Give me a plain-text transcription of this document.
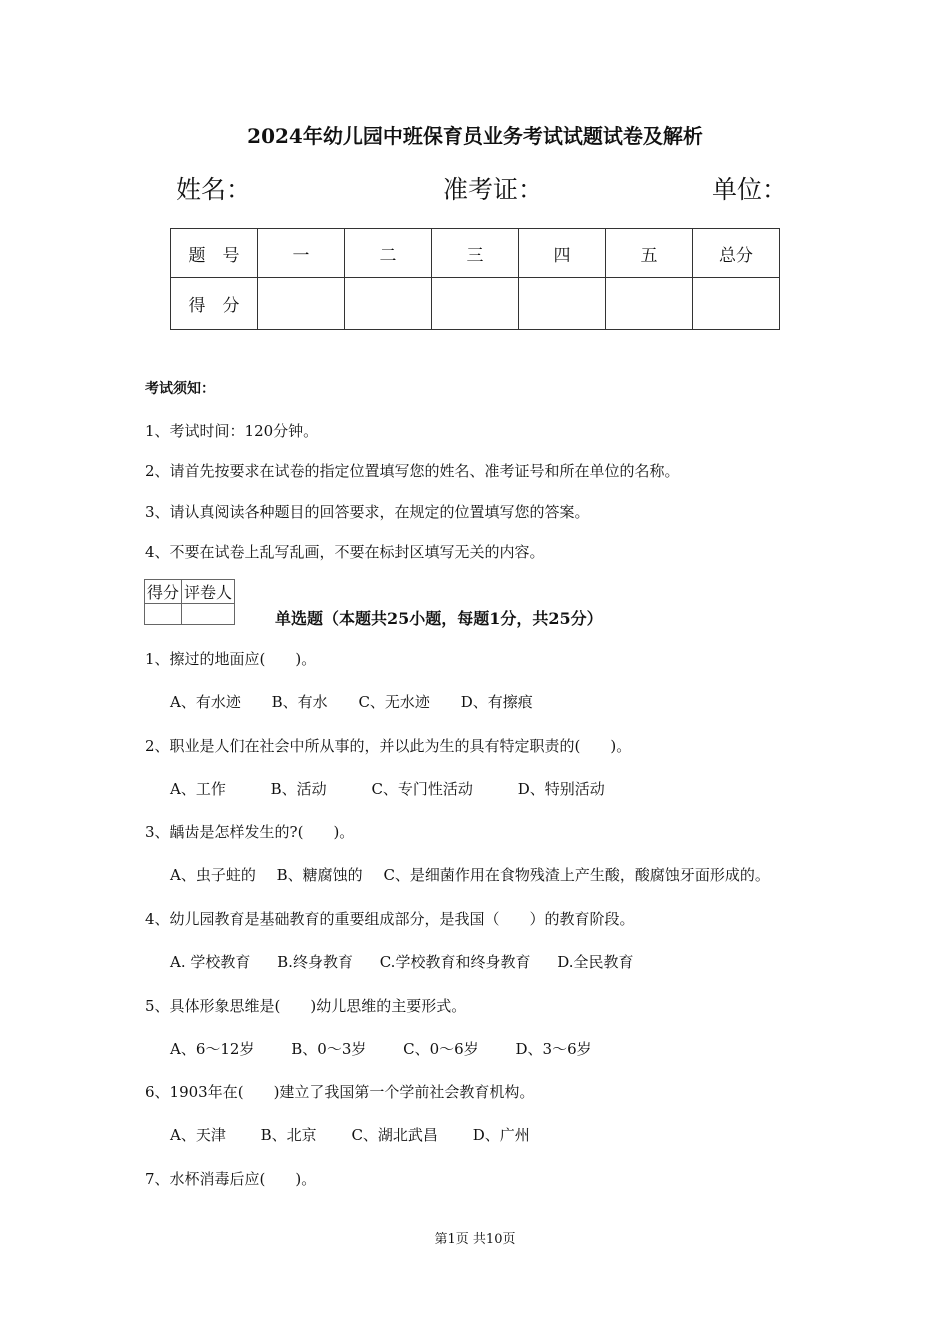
2024年幼儿园中班保育员业务考试试题试卷及解析
姓名：	准考证：	单位：
题　号	一	二	三	四	五	总分
得　分						
考试须知：
1、考试时间：120分钟。
2、请首先按要求在试卷的指定位置填写您的姓名、准考证号和所在单位的名称。
3、请认真阅读各种题目的回答要求，在规定的位置填写您的答案。
4、不要在试卷上乱写乱画，不要在标封区填写无关的内容。
得分	评卷人

单选题（本题共25小题，每题1分，共25分）
1、擦过的地面应(　　)。
A、有水迹 B、有水 C、无水迹 D、有擦痕
2、职业是人们在社会中所从事的，并以此为生的具有特定职责的(　　)。
A、工作	B、活动	C、专门性活动	D、特别活动
3、龋齿是怎样发生的?(　　)。
A、虫子蛀的 B、糖腐蚀的 C、是细菌作用在食物残渣上产生酸，酸腐蚀牙面形成的。
4、幼儿园教育是基础教育的重要组成部分，是我国（　　）的教育阶段。
A. 学校教育 B.终身教育 C.学校教育和终身教育 D.全民教育
5、具体形象思维是(　　)幼儿思维的主要形式。
A、6～12岁 B、0～3岁 C、0～6岁 D、3～6岁
6、1903年在(　　)建立了我国第一个学前社会教育机构。
A、天津 B、北京 C、湖北武昌 D、广州
7、水杯消毒后应(　　)。
第1页 共10页
